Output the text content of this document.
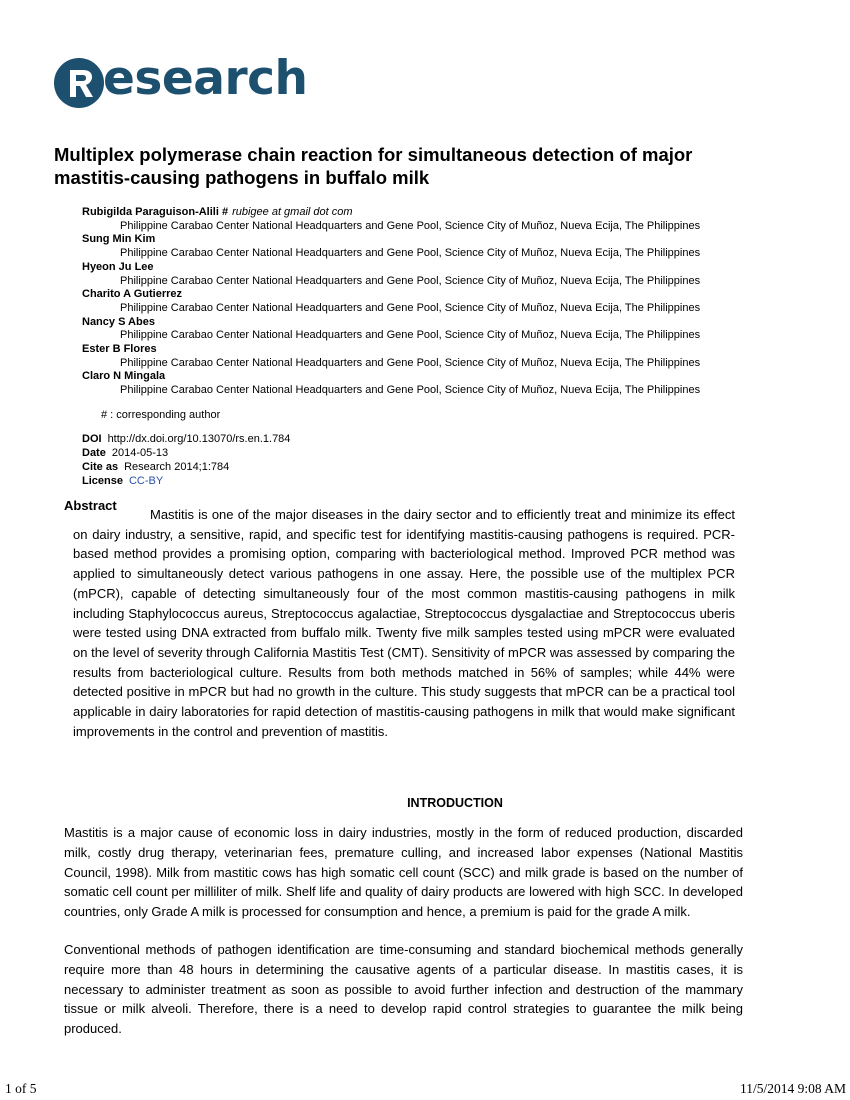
esearch
Multiplex polymerase chain reaction for simultaneous detection of major mastitis-causing pathogens in buffalo milk
Rubigilda Paraguison-Alili # rubigee at gmail dot com
Philippine Carabao Center National Headquarters and Gene Pool, Science City of Muñoz, Nueva Ecija, The Philippines
Sung Min Kim
Philippine Carabao Center National Headquarters and Gene Pool, Science City of Muñoz, Nueva Ecija, The Philippines
Hyeon Ju Lee
Philippine Carabao Center National Headquarters and Gene Pool, Science City of Muñoz, Nueva Ecija, The Philippines
Charito A Gutierrez
Philippine Carabao Center National Headquarters and Gene Pool, Science City of Muñoz, Nueva Ecija, The Philippines
Nancy S Abes
Philippine Carabao Center National Headquarters and Gene Pool, Science City of Muñoz, Nueva Ecija, The Philippines
Ester B Flores
Philippine Carabao Center National Headquarters and Gene Pool, Science City of Muñoz, Nueva Ecija, The Philippines
Claro N Mingala
Philippine Carabao Center National Headquarters and Gene Pool, Science City of Muñoz, Nueva Ecija, The Philippines
# : corresponding author
DOI http://dx.doi.org/10.13070/rs.en.1.784
Date 2014-05-13
Cite as Research 2014;1:784
License CC-BY
Abstract

Mastitis is one of the major diseases in the dairy sector and to efficiently treat and minimize its effect on dairy industry, a sensitive, rapid, and specific test for identifying mastitis-causing pathogens is required. PCR-based method provides a promising option, comparing with bacteriological method. Improved PCR method was applied to simultaneously detect various pathogens in one assay. Here, the possible use of the multiplex PCR (mPCR), capable of detecting simultaneously four of the most common mastitis-causing pathogens in milk including Staphylococcus aureus, Streptococcus agalactiae, Streptococcus dysgalactiae and Streptococcus uberis were tested using DNA extracted from buffalo milk. Twenty five milk samples tested using mPCR were evaluated on the level of severity through California Mastitis Test (CMT). Sensitivity of mPCR was assessed by comparing the results from bacteriological culture. Results from both methods matched in 56% of samples; while 44% were detected positive in mPCR but had no growth in the culture. This study suggests that mPCR can be a practical tool applicable in dairy laboratories for rapid detection of mastitis-causing pathogens in milk that would make significant improvements in the control and prevention of mastitis.

INTRODUCTION

Mastitis is a major cause of economic loss in dairy industries, mostly in the form of reduced production, discarded milk, costly drug therapy, veterinarian fees, premature culling, and increased labor expenses (National Mastitis Council, 1998). Milk from mastitic cows has high somatic cell count (SCC) and milk grade is based on the number of somatic cell count per milliliter of milk. Shelf life and quality of dairy products are lowered with high SCC. In developed countries, only Grade A milk is processed for consumption and hence, a premium is paid for the grade A milk.

Conventional methods of pathogen identification are time-consuming and standard biochemical methods generally require more than 48 hours in determining the causative agents of a particular disease. In mastitis cases, it is necessary to administer treatment as soon as possible to avoid further infection and destruction of the mammary tissue or milk alveoli. Therefore, there is a need to develop rapid control strategies to guarantee the milk being produced.

1 of 5	11/5/2014 9:08 AM
